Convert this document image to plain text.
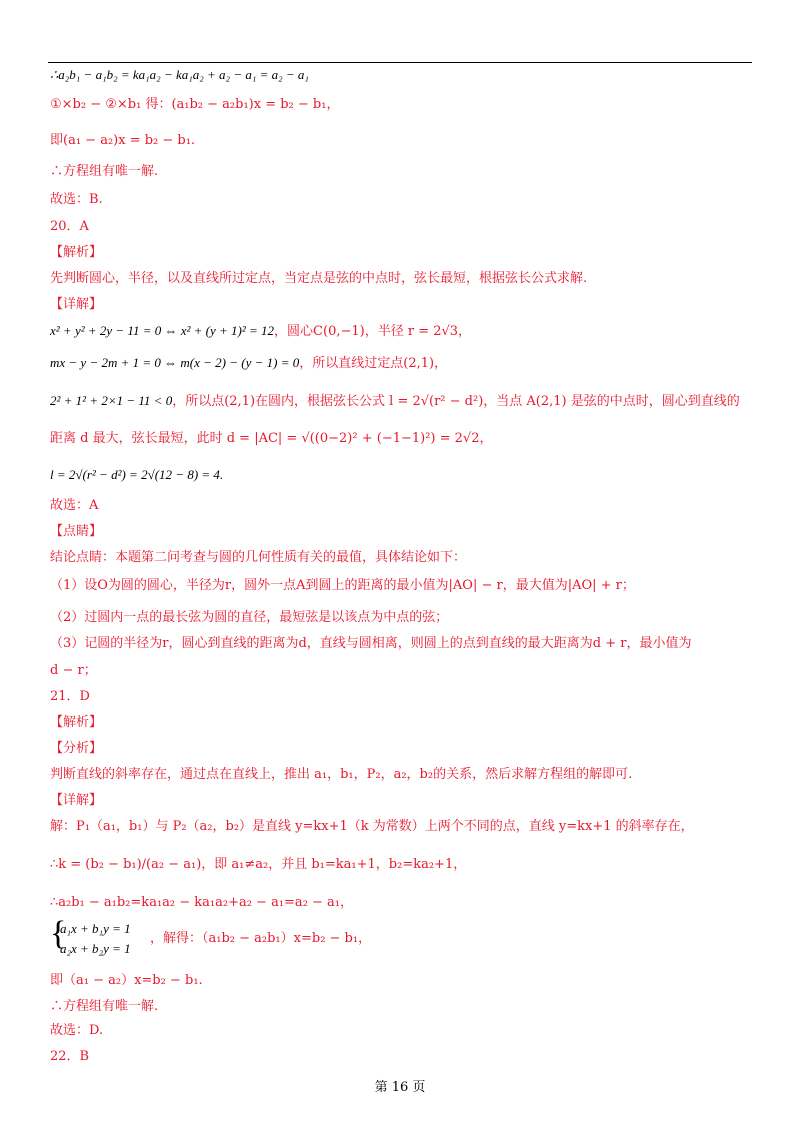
∴a₂b₁ − a₁b₂ = ka₁a₂ − ka₁a₂ + a₂ − a₁ = a₂ − a₁
①×b₂ − ②×b₁ 得：(a₁b₂ − a₂b₁)x = b₂ − b₁，
即(a₁ − a₂)x = b₂ − b₁.
∴方程组有唯一解.
故选：B.
20．A
【解析】
先判断圆心，半径，以及直线所过定点，当定点是弦的中点时，弦长最短，根据弦长公式求解.
【详解】
x² + y² + 2y − 11 = 0 ⇔ x² + (y + 1)² = 12，圆心C(0,−1)，半径 r = 2√3，
mx − y − 2m + 1 = 0 ⇔ m(x − 2) − (y − 1) = 0，所以直线过定点(2,1)，
2² + 1² + 2×1 − 11 < 0，所以点(2,1)在圆内，根据弦长公式 l = 2√(r² − d²)，当点 A(2,1) 是弦的中点时，圆心到直线的
距离 d 最大，弦长最短，此时 d = |AC| = √((0−2)² + (−1−1)²) = 2√2，
l = 2√(r² − d²) = 2√(12 − 8) = 4.
故选：A
【点睛】
结论点睛：本题第二问考查与圆的几何性质有关的最值，具体结论如下：
（1）设O为圆的圆心，半径为r，圆外一点A到圆上的距离的最小值为|AO| − r，最大值为|AO| + r；
（2）过圆内一点的最长弦为圆的直径，最短弦是以该点为中点的弦；
（3）记圆的半径为r，圆心到直线的距离为d，直线与圆相离，则圆上的点到直线的最大距离为d + r，最小值为
d − r；
21．D
【解析】
【分析】
判断直线的斜率存在，通过点在直线上，推出 a₁，b₁，P₂，a₂，b₂的关系，然后求解方程组的解即可.
【详解】
解：P₁（a₁，b₁）与 P₂（a₂，b₂）是直线 y=kx+1（k 为常数）上两个不同的点，直线 y=kx+1 的斜率存在，
∴k = (b₂ − b₁)/(a₂ − a₁)，即 a₁≠a₂，并且 b₁=ka₁+1，b₂=ka₂+1，
∴a₂b₁ − a₁b₂=ka₁a₂ − ka₁a₂+a₂ − a₁=a₂ − a₁，
{
a₁x + b₁y = 1
a₂x + b₂y = 1
，解得：（a₁b₂ − a₂b₁）x=b₂ − b₁，
即（a₁ − a₂）x=b₂ − b₁.
∴方程组有唯一解.
故选：D.
22．B
第 16 页
